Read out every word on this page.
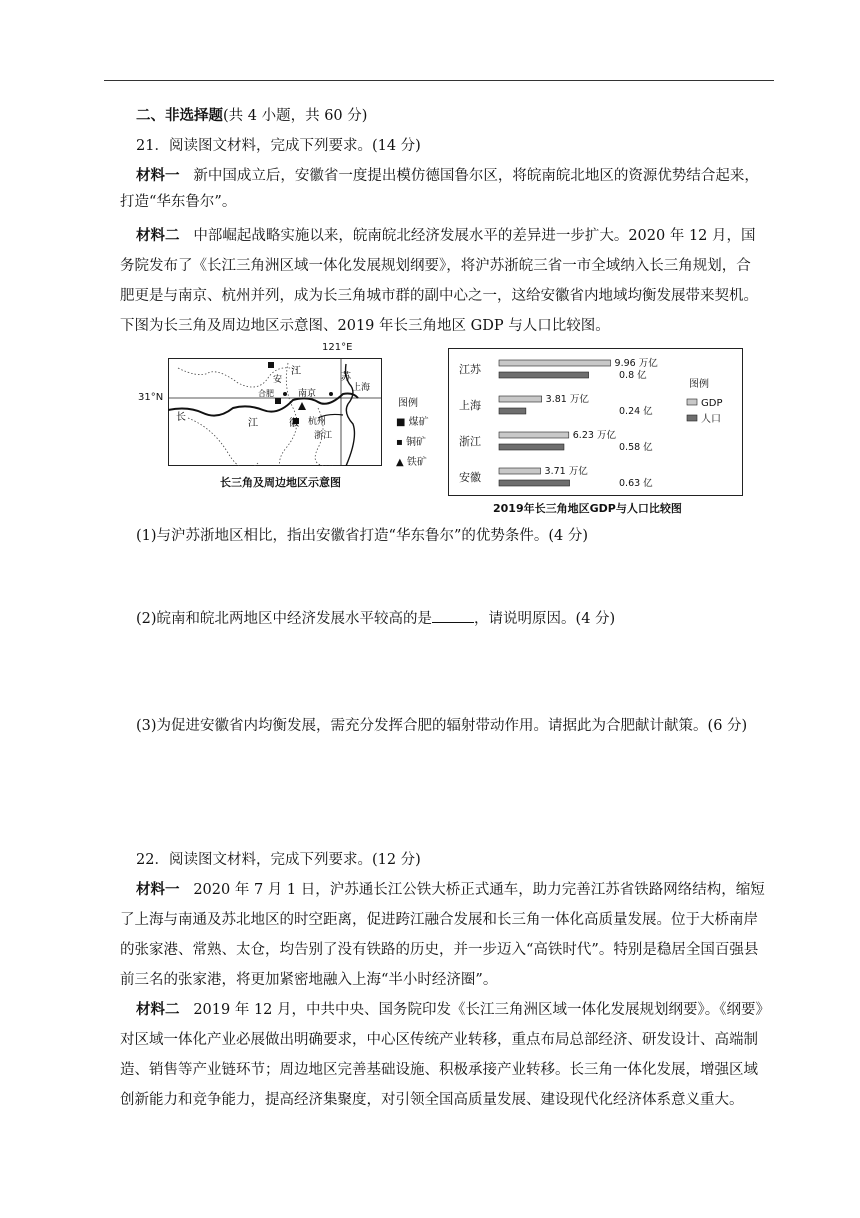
二、非选择题(共 4 小题，共 60 分)
21．阅读图文材料，完成下列要求。(14 分)
材料一 新中国成立后，安徽省一度提出模仿德国鲁尔区，将皖南皖北地区的资源优势结合起来，
打造“华东鲁尔”。
材料二 中部崛起战略实施以来，皖南皖北经济发展水平的差异进一步扩大。2020 年 12 月，国
务院发布了《长江三角洲区域一体化发展规划纲要》，将沪苏浙皖三省一市全域纳入长三角规划，合
肥更是与南京、杭州并列，成为长三角城市群的副中心之一，这给安徽省内地域均衡发展带来契机。
下图为长三角及周边地区示意图、2019 年长三角地区 GDP 与人口比较图。
121°E
31°N
江
苏
安
合肥	南京
上海
长
江	徽 杭州
浙江
图例
■ 煤矿
▪ 铜矿
▲ 铁矿
长三角及周边地区示意图
江苏	9.96 万亿
0.8 亿
上海	3.81 万亿
0.24 亿
浙江	6.23 万亿
0.58 亿
安徽	3.71 万亿
0.63 亿
图例
GDP
人口
2019年长三角地区GDP与人口比较图
(1)与沪苏浙地区相比，指出安徽省打造“华东鲁尔”的优势条件。(4 分)
(2)皖南和皖北两地区中经济发展水平较高的是	，请说明原因。(4 分)
(3)为促进安徽省内均衡发展，需充分发挥合肥的辐射带动作用。请据此为合肥献计献策。(6 分)
22．阅读图文材料，完成下列要求。(12 分)
材料一 2020 年 7 月 1 日，沪苏通长江公铁大桥正式通车，助力完善江苏省铁路网络结构，缩短
了上海与南通及苏北地区的时空距离，促进跨江融合发展和长三角一体化高质量发展。位于大桥南岸
的张家港、常熟、太仓，均告别了没有铁路的历史，并一步迈入“高铁时代”。特别是稳居全国百强县
前三名的张家港，将更加紧密地融入上海“半小时经济圈”。
材料二 2019 年 12 月，中共中央、国务院印发《长江三角洲区域一体化发展规划纲要》。《纲要》
对区域一体化产业必展做出明确要求，中心区传统产业转移，重点布局总部经济、研发设计、高端制
造、销售等产业链环节；周边地区完善基础设施、积极承接产业转移。长三角一体化发展，增强区域
创新能力和竞争能力，提高经济集聚度，对引领全国高质量发展、建设现代化经济体系意义重大。
